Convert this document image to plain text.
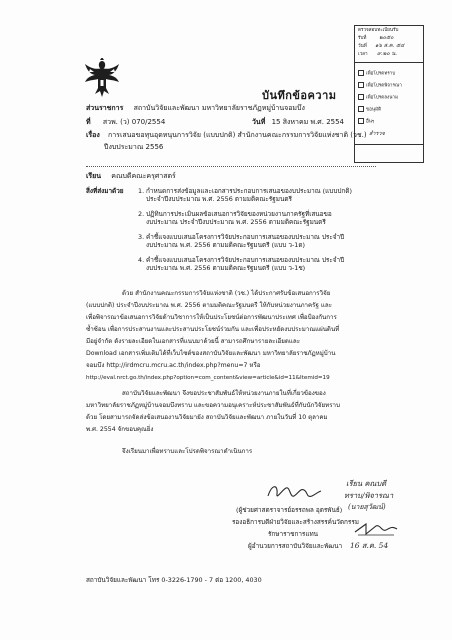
บันทึกข้อความ
ตรวจสอบทะเบียนรับ
รับที่ ๒๐๕๐
วันที่ ๑๖ ส.ค. ๕๔
เวลา ๙.๒๐ น.
เพื่อโปรดทราบ
เพื่อโปรดพิจารณา
เพื่อโปรดลงนาม
ขอนุมัติ
อื่นๆ
สำรวจ
ส่วนราชการ สถาบันวิจัยและพัฒนา มหาวิทยาลัยราชภัฏหมู่บ้านจอมบึง
ที่ สวพ. (ว) 070/2554	วันที่ 15 สิงหาคม พ.ศ. 2554
เรื่อง การเสนอขอทุนอุดหนุนการวิจัย (แบบปกติ) สำนักงานคณะกรรมการวิจัยแห่งชาติ (วช.)
ปีงบประมาณ 2556
เรียน คณบดีคณะครุศาสตร์
สิ่งที่ส่งมาด้วย 1. กำหนดการส่งข้อมูลและเอกสารประกอบการเสนอของบประมาณ (แบบปกติ)
ประจำปีงบประมาณ พ.ศ. 2556 ตามมติคณะรัฐมนตรี
2. ปฏิทินการประเมินผลข้อเสนอการวิจัยของหน่วยงานภาครัฐที่เสนอขอ
งบประมาณ ประจำปีงบประมาณ พ.ศ. 2556 ตามมติคณะรัฐมนตรี
3. คำชี้แจงแบบเสนอโครงการวิจัยประกอบการเสนอของบประมาณ ประจำปี
งบประมาณ พ.ศ. 2556 ตามมติคณะรัฐมนตรี (แบบ ว-1ด)
4. คำชี้แจงแบบเสนอโครงการวิจัยประกอบการเสนอของบประมาณ ประจำปี
งบประมาณ พ.ศ. 2556 ตามมติคณะรัฐมนตรี (แบบ ว-1ช)
ด้วย สำนักงานคณะกรรมการวิจัยแห่งชาติ (วช.) ได้ประกาศรับข้อเสนอการวิจัย
(แบบปกติ) ประจำปีงบประมาณ พ.ศ. 2556 ตามมติคณะรัฐมนตรี ให้กับหน่วยงานภาครัฐ และ
เพื่อพิจารณาข้อเสนอการวิจัยด้านวิชาการให้เป็นประโยชน์ต่อการพัฒนาประเทศ เพื่อป้องกันการ
ซ้ำซ้อน เพื่อการประสานงานและประสานประโยชน์ร่วมกัน และเพื่อประหยัดงบประมาณแผ่นดินที่
มีอยู่จำกัด ดังรายละเอียดในเอกสารที่แนบมาด้วยนี้ สามารถศึกษารายละเอียดและ
Download เอกสารเพิ่มเติมได้ที่เว็บไซต์ของสถาบันวิจัยและพัฒนา มหาวิทยาลัยราชภัฏหมู่บ้าน
จอมบึง http://irdmcru.mcru.ac.th/index.php?menu=7 หรือ
http://eval.nrct.go.th/index.php?option=com_content&view=article&id=11&Itemid=19
สถาบันวิจัยและพัฒนา จึงขอประชาสัมพันธ์ให้หน่วยงานภายในที่เกี่ยวข้องของ
มหาวิทยาลัยราชภัฏหมู่บ้านจอมบึงทราบ และขอความอนุเคราะห์ประชาสัมพันธ์ที่กับนักวิจัยทราบ
ด้วย โดยสามารถจัดส่งข้อเสนองานวิจัยมายัง สถาบันวิจัยและพัฒนา ภายในวันที่ 10 ตุลาคม
พ.ศ. 2554 จักขอบคุณยิ่ง
จึงเรียนมาเพื่อทราบและโปรดพิจารณาดำเนินการ
(ผู้ช่วยศาสตราจารย์อรรถพล อุตรพันธ์)
รองอธิการบดีฝ่ายวิจัยและสร้างสรรค์นวัตกรรม
รักษาราชการแทน
ผู้อำนวยการสถาบันวิจัยและพัฒนา
เรียน คณบดี
ทราบ/พิจารณา
(นายสุวัฒน์)
16 ส.ค. 54
สถาบันวิจัยและพัฒนา โทร 0-3226-1790 - 7 ต่อ 1200, 4030
